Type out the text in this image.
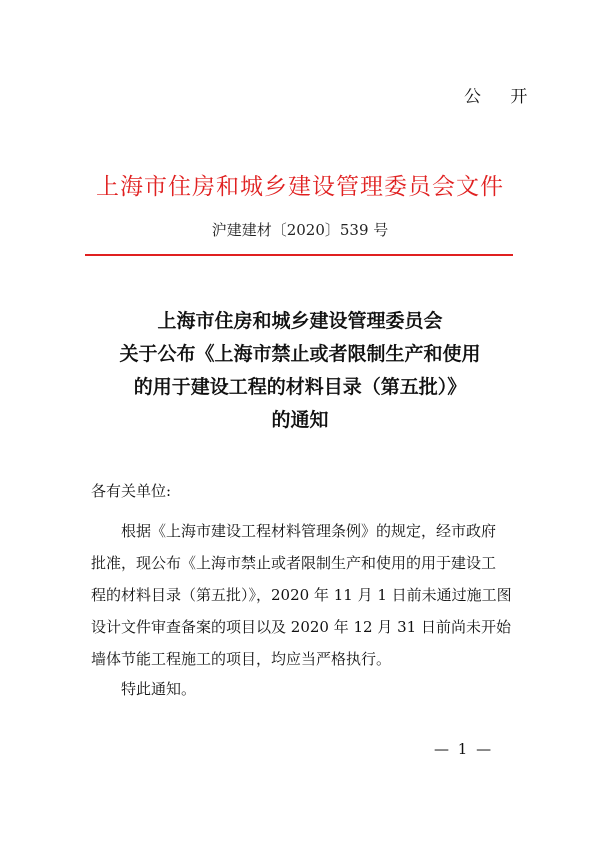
公 开
上海市住房和城乡建设管理委员会文件
沪建建材〔2020〕539 号
上海市住房和城乡建设管理委员会
关于公布《上海市禁止或者限制生产和使用
的用于建设工程的材料目录（第五批）》
的通知
各有关单位:
根据《上海市建设工程材料管理条例》的规定，经市政府
批准，现公布《上海市禁止或者限制生产和使用的用于建设工
程的材料目录（第五批）》，2020 年 11 月 1 日前未通过施工图
设计文件审查备案的项目以及 2020 年 12 月 31 日前尚未开始
墙体节能工程施工的项目，均应当严格执行。
特此通知。
— 1 —
